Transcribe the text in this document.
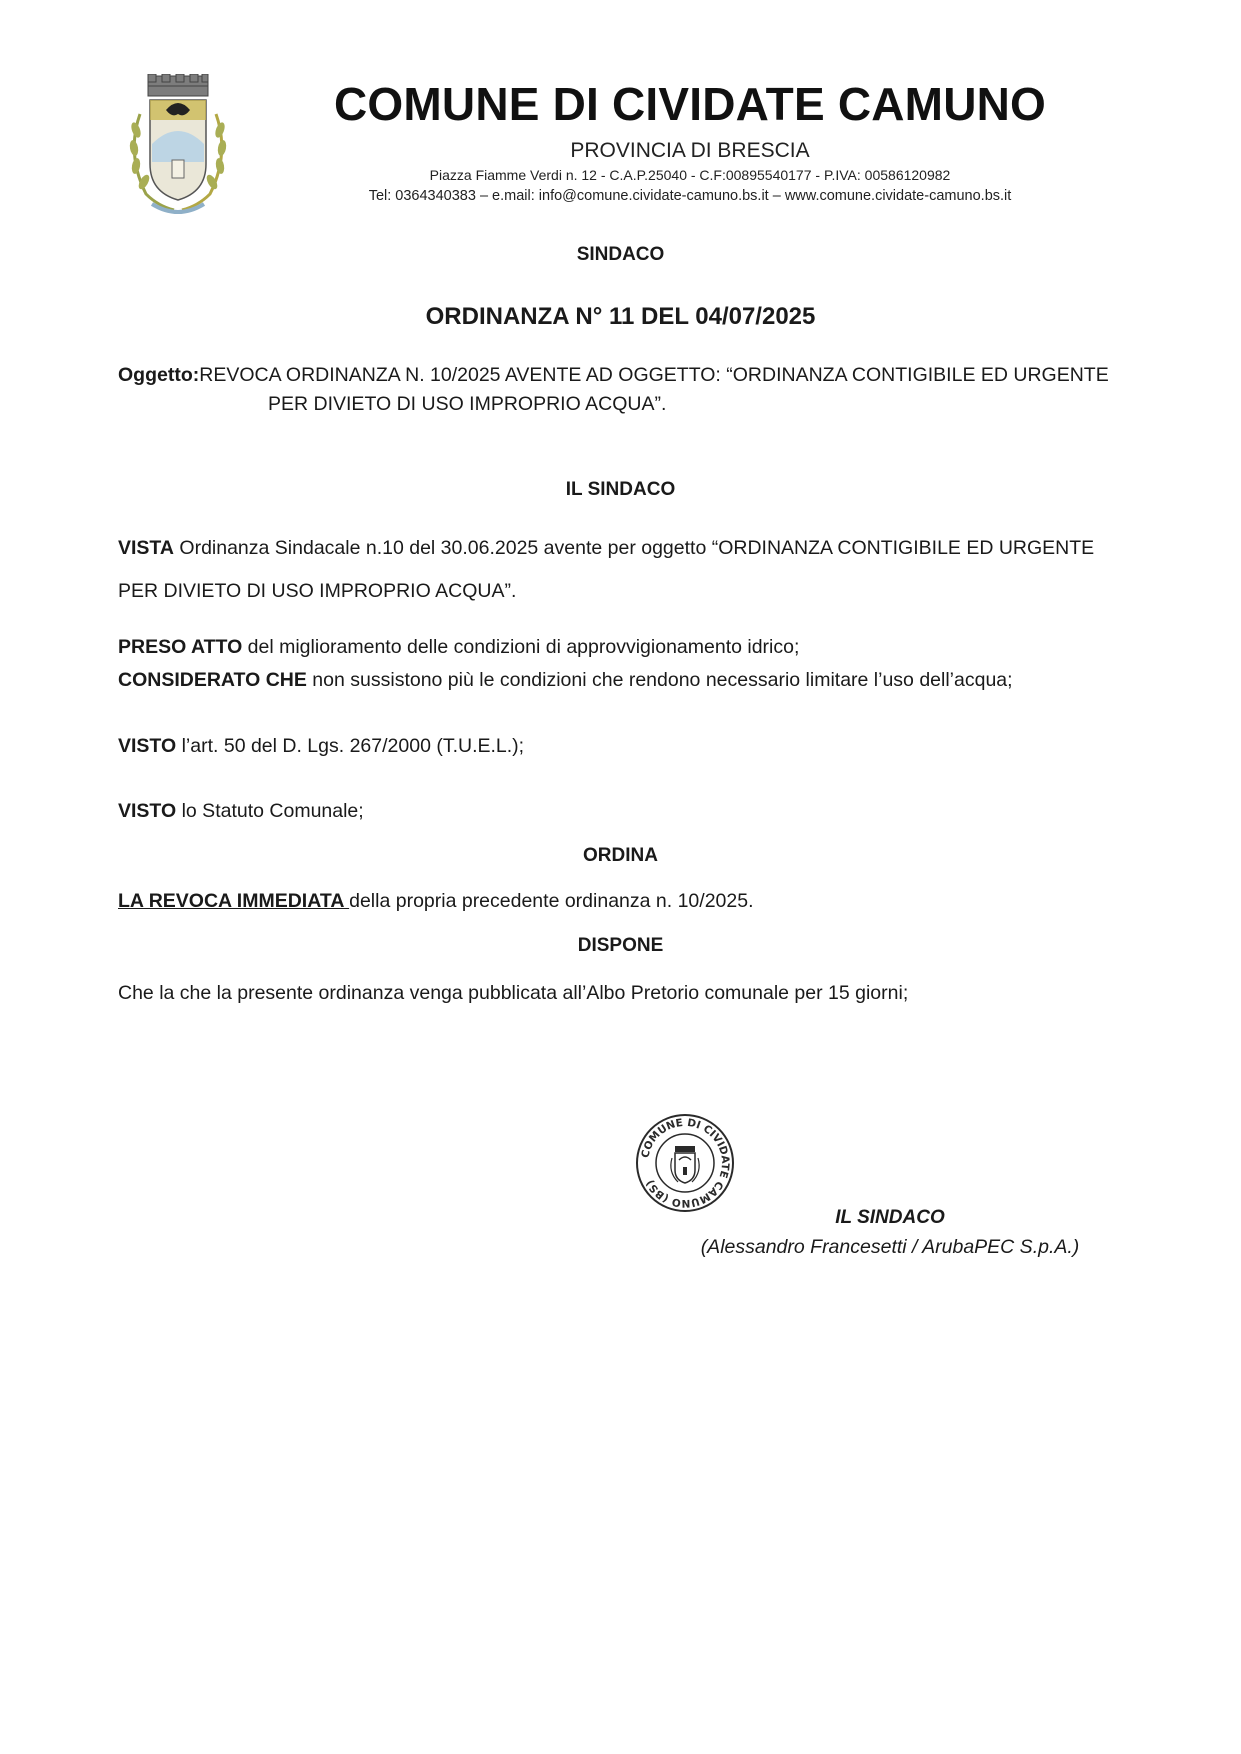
COMUNE DI CIVIDATE CAMUNO
PROVINCIA DI BRESCIA
Piazza Fiamme Verdi n. 12 - C.A.P.25040 - C.F:00895540177 - P.IVA: 00586120982
Tel: 0364340383 – e.mail: info@comune.cividate-camuno.bs.it – www.comune.cividate-camuno.bs.it
SINDACO
ORDINANZA N° 11 DEL 04/07/2025
Oggetto:REVOCA ORDINANZA N. 10/2025 AVENTE AD OGGETTO: “ORDINANZA CONTIGIBILE ED URGENTE
PER DIVIETO DI USO IMPROPRIO ACQUA”.
IL SINDACO
VISTA Ordinanza Sindacale n.10 del 30.06.2025 avente per oggetto “ORDINANZA CONTIGIBILE ED URGENTE
PER DIVIETO DI USO IMPROPRIO ACQUA”.
PRESO ATTO del miglioramento delle condizioni di approvvigionamento idrico;
CONSIDERATO CHE non sussistono più le condizioni che rendono necessario limitare l’uso dell’acqua;
VISTO l’art. 50 del D. Lgs. 267/2000 (T.U.E.L.);
VISTO lo Statuto Comunale;
ORDINA
LA REVOCA IMMEDIATA della propria precedente ordinanza n. 10/2025.
DISPONE
Che la che la presente ordinanza venga pubblicata all’Albo Pretorio comunale per 15 giorni;
COMUNE DI CIVIDATE CAMUNO (BS)
IL SINDACO
(Alessandro Francesetti / ArubaPEC S.p.A.)
